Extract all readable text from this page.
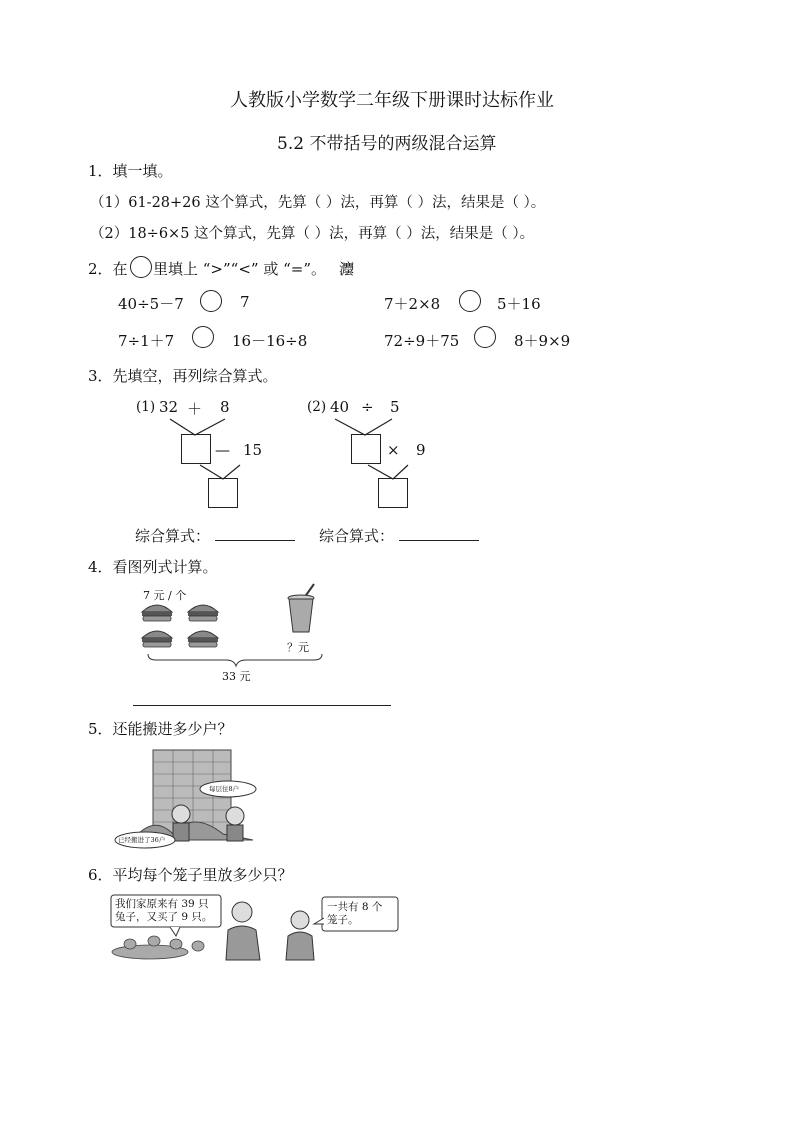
人教版小学数学二年级下册课时达标作业
5.2 不带括号的两级混合运算
1．填一填。
（1）61-28+26 这个算式，先算（ ）法，再算（ ）法，结果是（ ）。
（2）18÷6×5 这个算式，先算（ ）法，再算（ ）法，结果是（ ）。
2．在 里填上 “>”“<” 或 “=”。 灋
40÷5－7	7	7＋2×8	5＋16
7÷1＋7	16－16÷8	72÷9＋75	8＋9×9
3．先填空，再列综合算式。
(1) 32 ＋ 8
— 15
(2) 40 ÷ 5
× 9
综合算式：	综合算式：
4．看图列式计算。
7 元 / 个
？元
33 元
5．还能搬进多少户？
每层住8户
已经搬进了36户
6．平均每个笼子里放多少只？
我们家原来有 39 只
兔子，又买了 9 只。
一共有 8 个
笼子。
